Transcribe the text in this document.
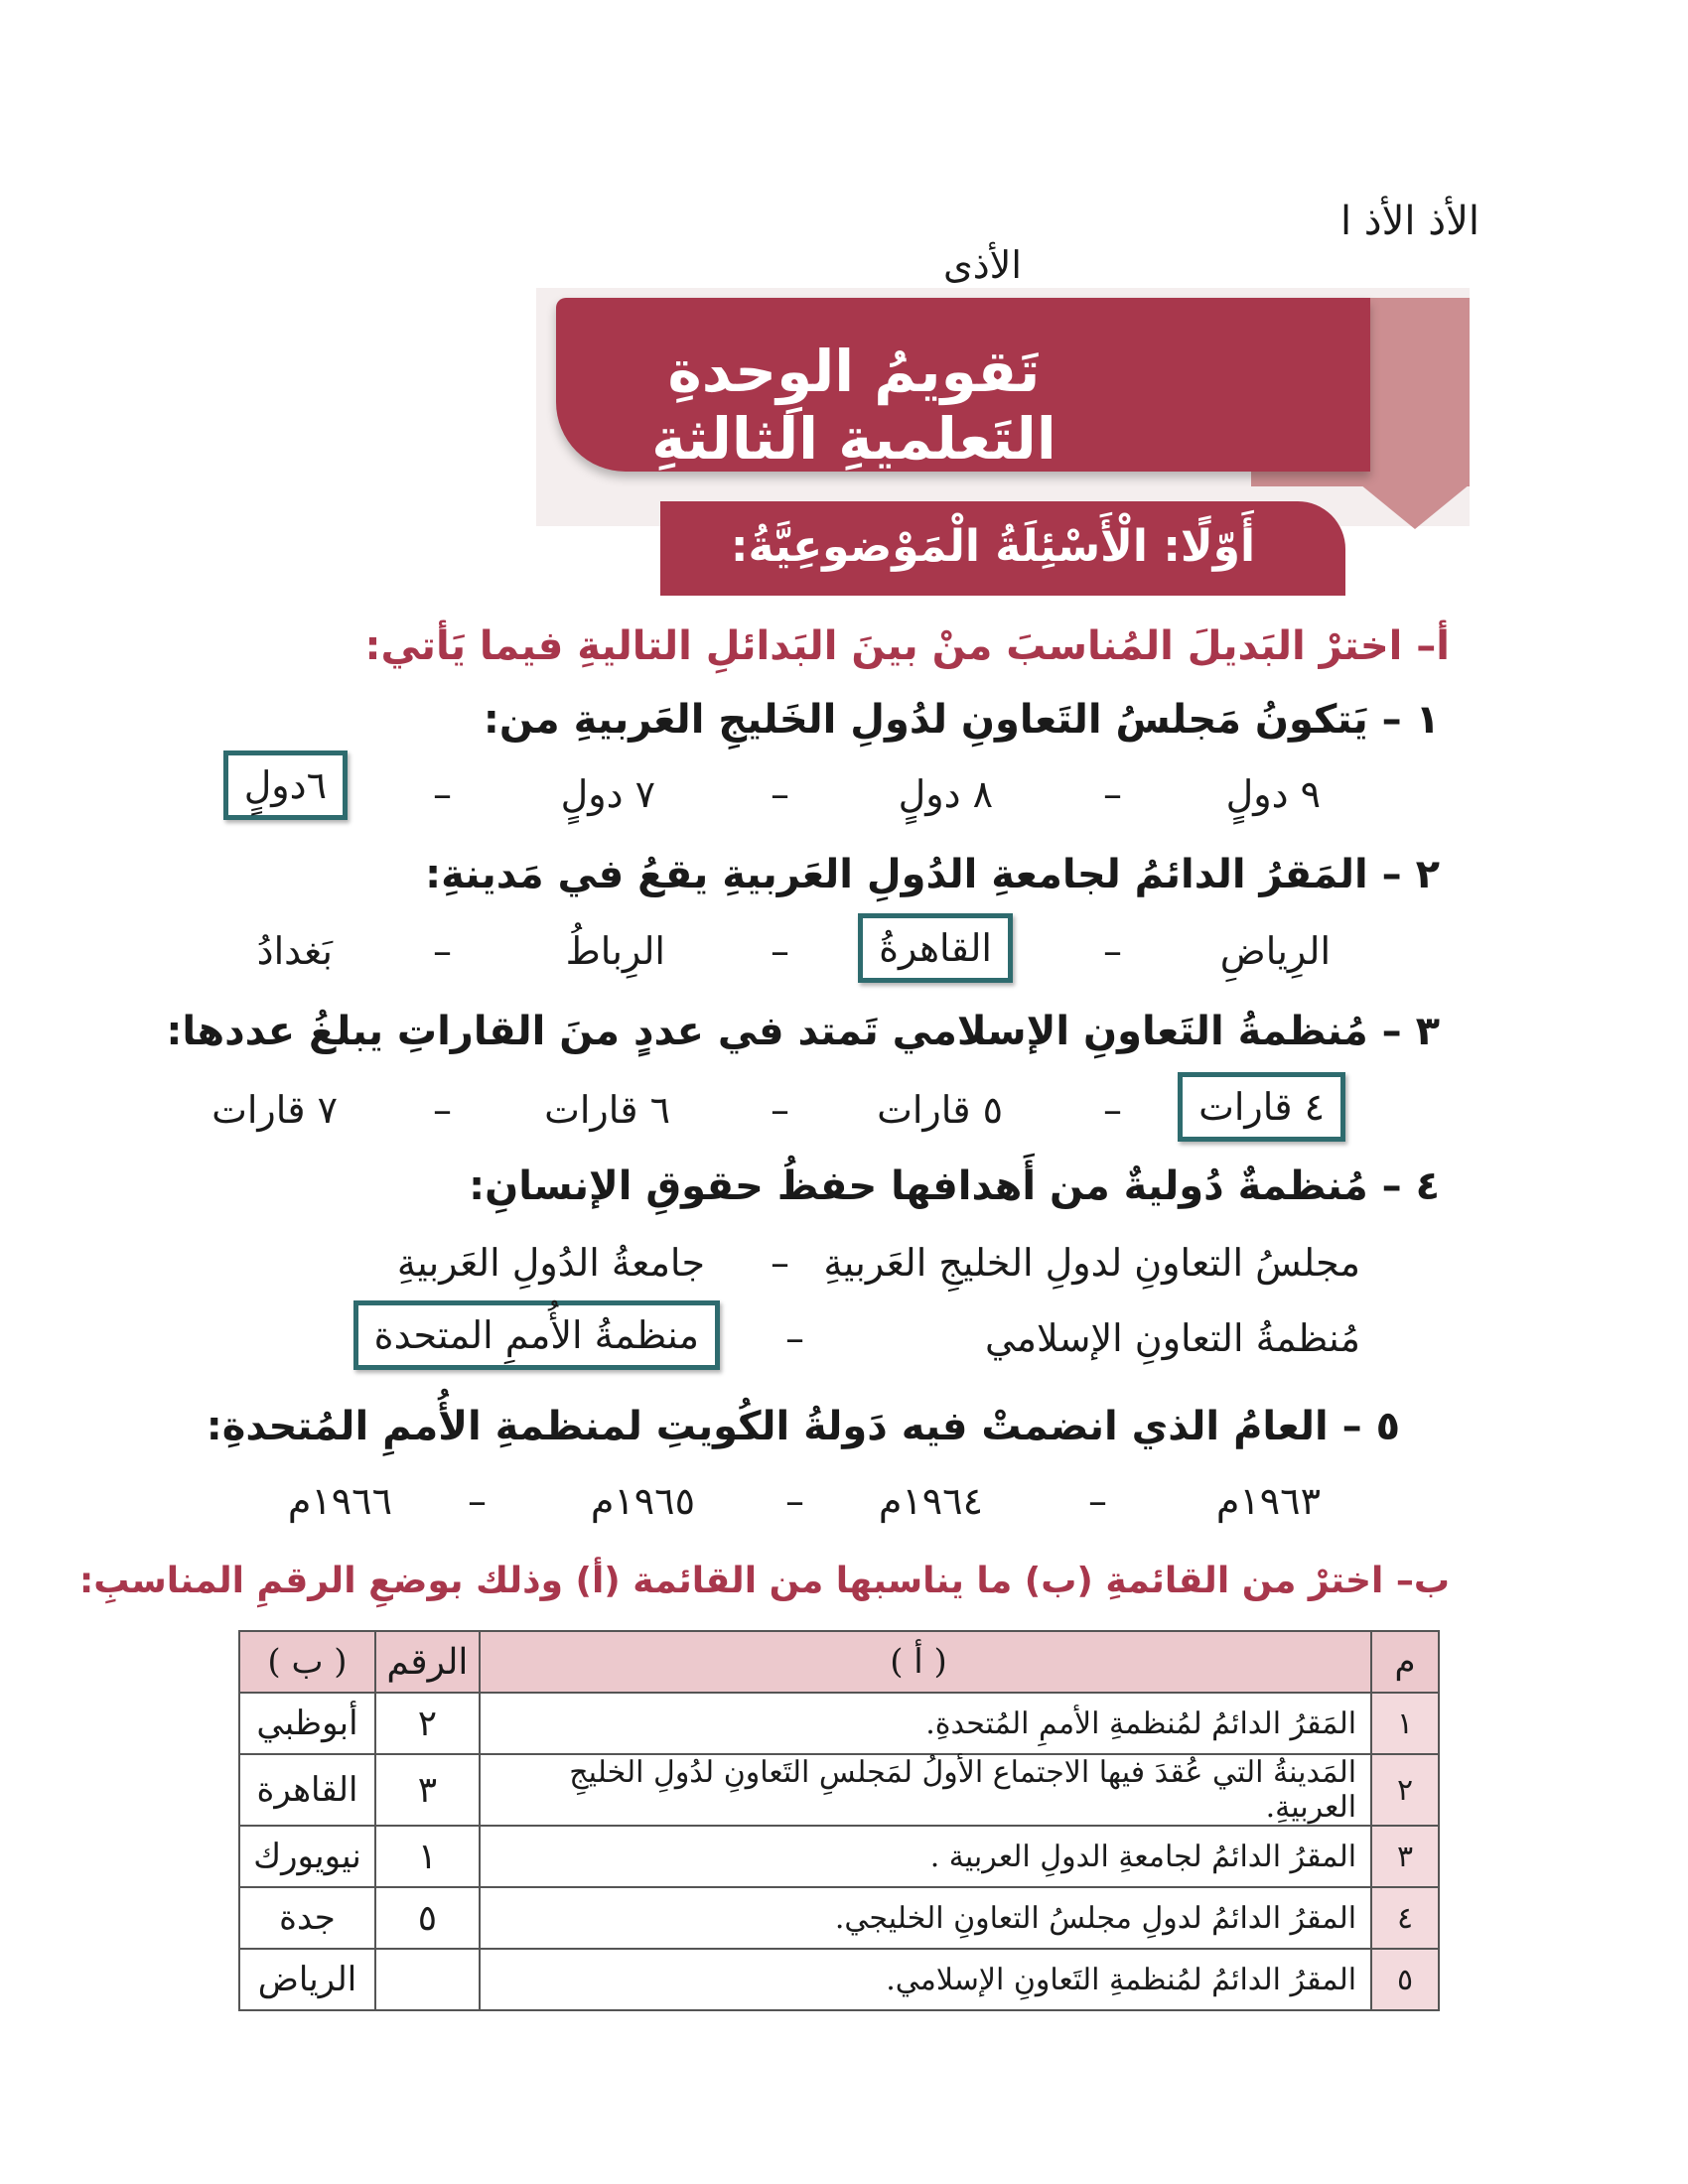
الأذ الأذ ا
الأذى
تَقويمُ الوِحدةِ التَعلميةِ الثالثةِ
أَوّلًا: الْأَسْئِلَةُ الْمَوْضوعِيَّةُ:
أ– اخترْ البَديلَ المُناسبَ منْ بينَ البَدائلِ التاليةِ فيما يَأتي:
١ – يَتكونُ مَجلسُ التَعاونِ لدُولِ الخَليجِ العَربيةِ من:
٩ دولٍ
–
٨ دولٍ
–
٧ دولٍ
–
٦دولٍ
٢ – المَقرُ الدائمُ لجامعةِ الدُولِ العَربيةِ يقعُ في مَدينةِ:
الرِياضِ
–
القاهرةُ
–
الرِباطُ
–
بَغدادُ
٣ – مُنظمةُ التَعاونِ الإسلامي تَمتد في عددٍ منَ القاراتِ يبلغُ عددها:
٤ قارات
–
٥ قارات
–
٦ قارات
–
٧ قارات
٤ – مُنظمةٌ دُوليةٌ من أَهدافها حفظُ حقوقِ الإنسانِ:
مجلسُ التعاونِ لدولِ الخليجِ العَربيةِ
–
جامعةُ الدُولِ العَربيةِ
مُنظمةُ التعاونِ الإسلامي
–
منظمةُ الأُممِ المتحدة
٥ – العامُ الذي انضمتْ فيه دَولةُ الكُويتِ لمنظمةِ الأُممِ المُتحدةِ:
١٩٦٣م
–
١٩٦٤م
–
١٩٦٥م
–
١٩٦٦م
ب– اخترْ من القائمةِ (ب) ما يناسبها من القائمة (أ) وذلك بوضعِ الرقمِ المناسبِ:
م	( أ )	الرقم	( ب )
١	المَقرُ الدائمُ لمُنظمةِ الأممِ المُتحدةِ.	٢	أبوظبي
٢	المَدينةُ التي عُقدَ فيها الاجتماع الأولُ لمَجلسِ التَعاونِ لدُولِ الخليجِ العربيةِ.	٣	القاهرة
٣	المقرُ الدائمُ لجامعةِ الدولِ العربية .	١	نيويورك
٤	المقرُ الدائمُ لدولِ مجلسُ التعاونِ الخليجي.	٥	جدة
٥	المقرُ الدائمُ لمُنظمةِ التَعاونِ الإسلامي.		الرياض
